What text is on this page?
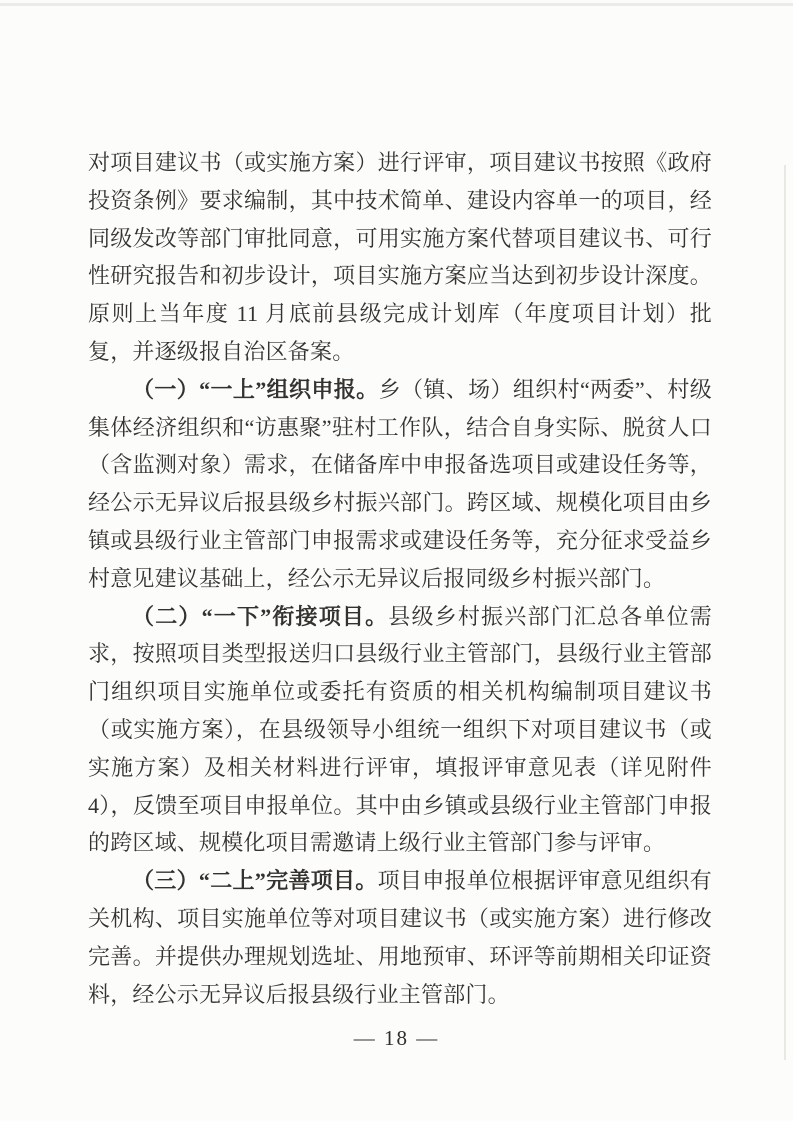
对项目建议书（或实施方案）进行评审，项目建议书按照《政府投资条例》要求编制，其中技术简单、建设内容单一的项目，经同级发改等部门审批同意，可用实施方案代替项目建议书、可行性研究报告和初步设计，项目实施方案应当达到初步设计深度。原则上当年度 11 月底前县级完成计划库（年度项目计划）批复，并逐级报自治区备案。

（一）“一上”组织申报。乡（镇、场）组织村“两委”、村级集体经济组织和“访惠聚”驻村工作队，结合自身实际、脱贫人口（含监测对象）需求，在储备库中申报备选项目或建设任务等，经公示无异议后报县级乡村振兴部门。跨区域、规模化项目由乡镇或县级行业主管部门申报需求或建设任务等，充分征求受益乡村意见建议基础上，经公示无异议后报同级乡村振兴部门。

（二）“一下”衔接项目。县级乡村振兴部门汇总各单位需求，按照项目类型报送归口县级行业主管部门，县级行业主管部门组织项目实施单位或委托有资质的相关机构编制项目建议书（或实施方案），在县级领导小组统一组织下对项目建议书（或实施方案）及相关材料进行评审，填报评审意见表（详见附件 4），反馈至项目申报单位。其中由乡镇或县级行业主管部门申报的跨区域、规模化项目需邀请上级行业主管部门参与评审。

（三）“二上”完善项目。项目申报单位根据评审意见组织有关机构、项目实施单位等对项目建议书（或实施方案）进行修改完善。并提供办理规划选址、用地预审、环评等前期相关印证资料，经公示无异议后报县级行业主管部门。

— 18 —
